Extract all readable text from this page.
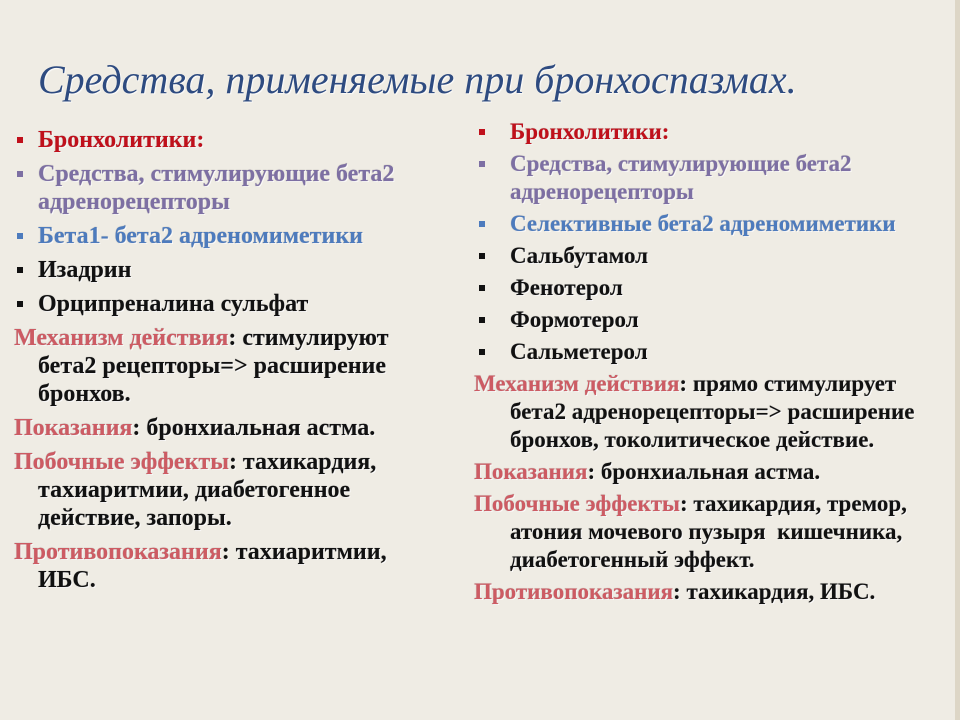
Средства, применяемые при бронхоспазмах.
Бронхолитики:
Средства, стимулирующие бета2 адренорецепторы
Бета1- бета2 адреномиметики
Изадрин
Орципреналина сульфат

Механизм действия: стимулируют бета2 рецепторы=> расширение бронхов.

Показания: бронхиальная астма.

Побочные эффекты: тахикардия, тахиаритмии, диабетогенное действие, запоры.

Противопоказания: тахиаритмии, ИБС.

Бронхолитики:
Средства, стимулирующие бета2 адренорецепторы
Селективные бета2 адреномиметики
Сальбутамол
Фенотерол
Формотерол
Сальметерол

Механизм действия: прямо стимулирует бета2 адренорецепторы=> расширение бронхов, токолитическое действие.

Показания: бронхиальная астма.

Побочные эффекты: тахикардия, тремор, атония мочевого пузыря  кишечника, диабетогенный эффект.

Противопоказания: тахикардия, ИБС.
